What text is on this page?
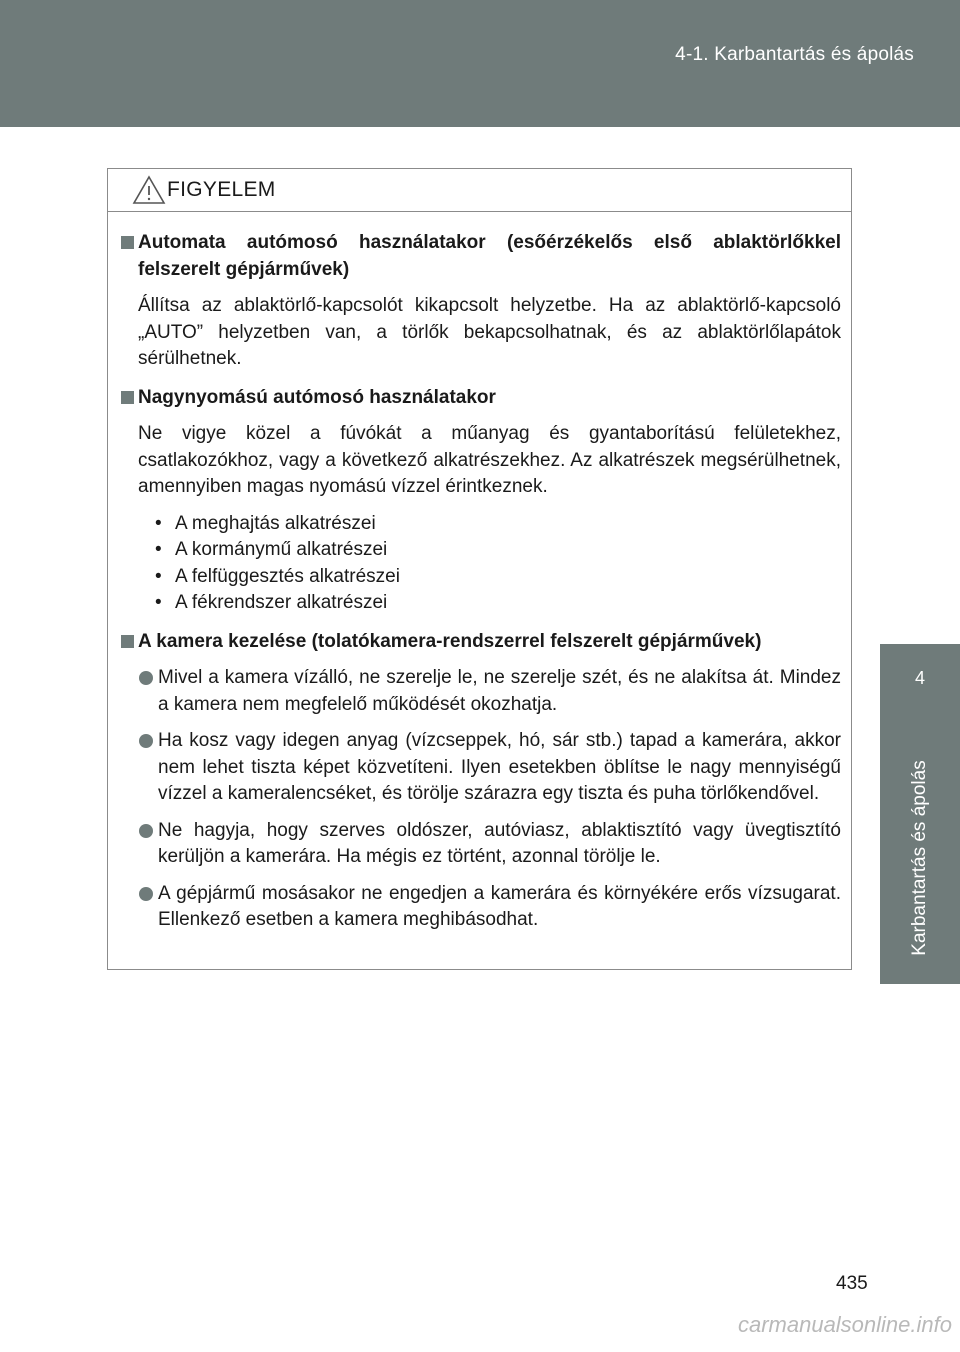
4-1. Karbantartás és ápolás
4
Karbantartás és ápolás
FIGYELEM
Automata autómosó használatakor (esőérzékelős első ablaktörlőkkel felszerelt gépjárművek)
Állítsa az ablaktörlő-kapcsolót kikapcsolt helyzetbe. Ha az ablaktörlő-kapcsoló „AUTO” helyzetben van, a törlők bekapcsolhatnak, és az ablaktörlőlapátok sérülhetnek.
Nagynyomású autómosó használatakor
Ne vigye közel a fúvókát a műanyag és gyantaborítású felületekhez, csatlakozókhoz, vagy a következő alkatrészekhez. Az alkatrészek megsérülhetnek, amennyiben magas nyomású vízzel érintkeznek.
• A meghajtás alkatrészei
• A kormánymű alkatrészei
• A felfüggesztés alkatrészei
• A fékrendszer alkatrészei
A kamera kezelése (tolatókamera-rendszerrel felszerelt gépjárművek)
Mivel a kamera vízálló, ne szerelje le, ne szerelje szét, és ne alakítsa át. Mindez a kamera nem megfelelő működését okozhatja.
Ha kosz vagy idegen anyag (vízcseppek, hó, sár stb.) tapad a kamerára, akkor nem lehet tiszta képet közvetíteni. Ilyen esetekben öblítse le nagy mennyiségű vízzel a kameralencséket, és törölje szárazra egy tiszta és puha törlőkendővel.
Ne hagyja, hogy szerves oldószer, autóviasz, ablaktisztító vagy üvegtisztító kerüljön a kamerára. Ha mégis ez történt, azonnal törölje le.
A gépjármű mosásakor ne engedjen a kamerára és környékére erős vízsugarat. Ellenkező esetben a kamera meghibásodhat.
435
carmanualsonline.info
